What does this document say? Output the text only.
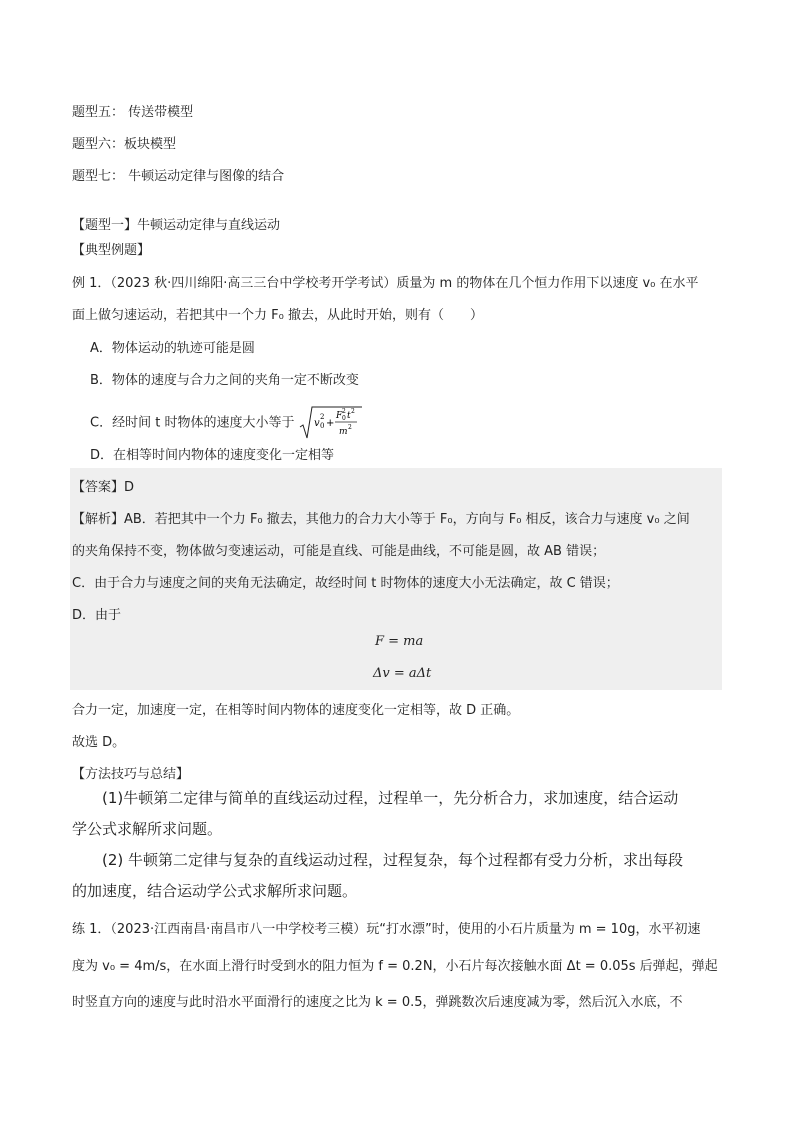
题型五： 传送带模型
题型六：板块模型
题型七： 牛顿运动定律与图像的结合
【题型一】牛顿运动定律与直线运动
【典型例题】
例 1．（2023 秋·四川绵阳·高三三台中学校考开学考试）质量为 m 的物体在几个恒力作用下以速度 v₀ 在水平
面上做匀速运动，若把其中一个力 F₀ 撤去，从此时开始，则有（　　）
A．物体运动的轨迹可能是圆
B．物体的速度与合力之间的夹角一定不断改变
C．经时间 t 时物体的速度大小等于 v 0
2
+
F 0
2 t 2
m 2
D．在相等时间内物体的速度变化一定相等
【答案】D
【解析】AB．若把其中一个力 F₀ 撤去，其他力的合力大小等于 F₀，方向与 F₀ 相反，该合力与速度 v₀ 之间
的夹角保持不变，物体做匀变速运动，可能是直线、可能是曲线，不可能是圆，故 AB 错误；
C．由于合力与速度之间的夹角无法确定，故经时间 t 时物体的速度大小无法确定，故 C 错误；
D．由于
F = ma
Δv = aΔt
合力一定，加速度一定，在相等时间内物体的速度变化一定相等，故 D 正确。
故选 D。
【方法技巧与总结】
(1)牛顿第二定律与简单的直线运动过程，过程单一，先分析合力，求加速度，结合运动
学公式求解所求问题。
(2) 牛顿第二定律与复杂的直线运动过程，过程复杂，每个过程都有受力分析，求出每段
的加速度，结合运动学公式求解所求问题。
练 1．（2023·江西南昌·南昌市八一中学校考三模）玩“打水漂”时，使用的小石片质量为 m = 10g，水平初速
度为 v₀ = 4m/s，在水面上滑行时受到水的阻力恒为 f = 0.2N，小石片每次接触水面 Δt = 0.05s 后弹起，弹起
时竖直方向的速度与此时沿水平面滑行的速度之比为 k = 0.5，弹跳数次后速度减为零，然后沉入水底，不
